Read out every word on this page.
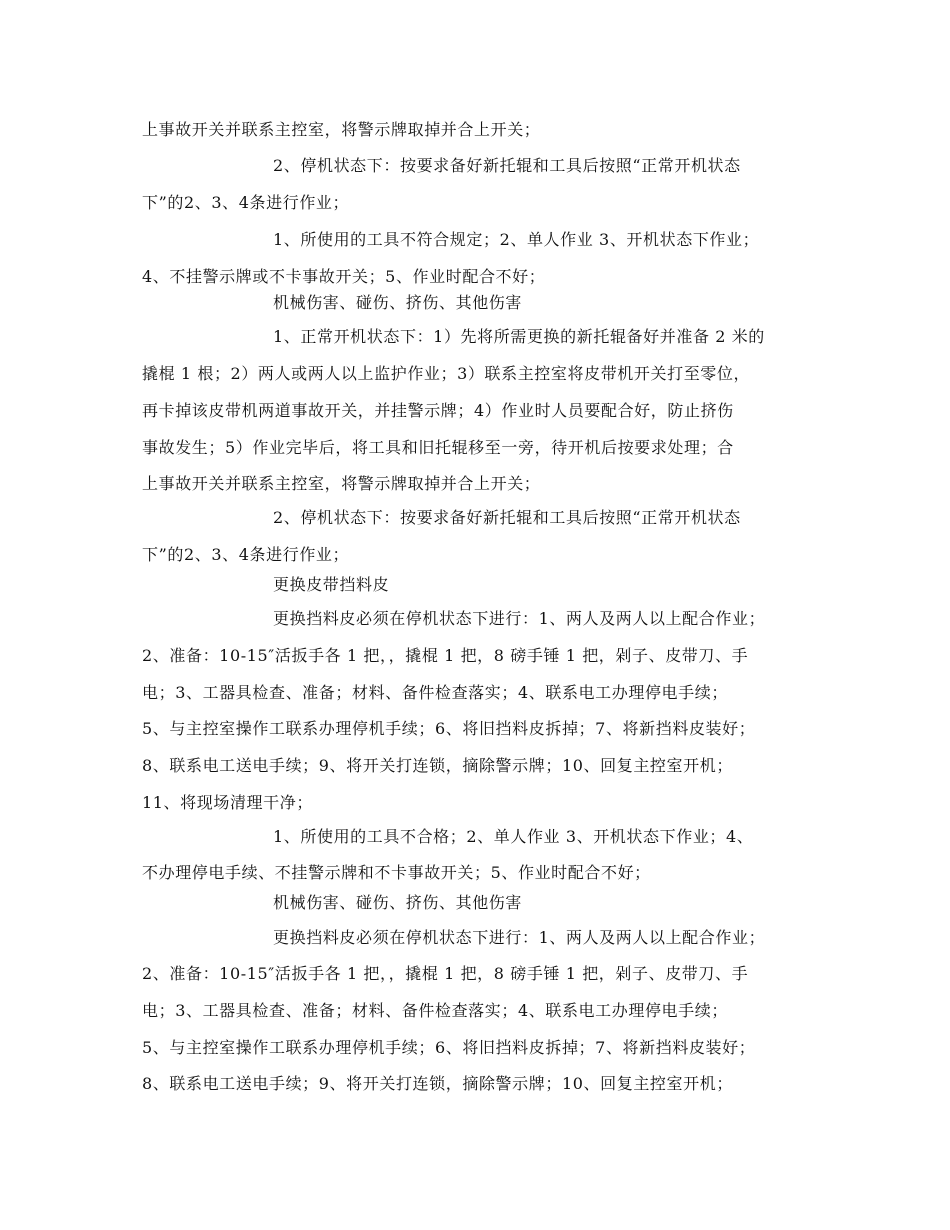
上事故开关并联系主控室，将警示牌取掉并合上开关；
2、停机状态下：按要求备好新托辊和工具后按照“正常开机状态
下”的2、3、4条进行作业；
1、所使用的工具不符合规定；2、单人作业 3、开机状态下作业；
4、不挂警示牌或不卡事故开关；5、作业时配合不好；
机械伤害、碰伤、挤伤、其他伤害
1、正常开机状态下：1）先将所需更换的新托辊备好并准备 2 米的
撬棍 1 根；2）两人或两人以上监护作业；3）联系主控室将皮带机开关打至零位，
再卡掉该皮带机两道事故开关，并挂警示牌；4）作业时人员要配合好，防止挤伤
事故发生；5）作业完毕后，将工具和旧托辊移至一旁，待开机后按要求处理；合
上事故开关并联系主控室，将警示牌取掉并合上开关；
2、停机状态下：按要求备好新托辊和工具后按照“正常开机状态
下”的2、3、4条进行作业；
更换皮带挡料皮
更换挡料皮必须在停机状态下进行：1、两人及两人以上配合作业；
2、准备：10-15″活扳手各 1 把，，撬棍 1 把，8 磅手锤 1 把，剁子、皮带刀、手
电；3、工器具检查、准备；材料、备件检查落实；4、联系电工办理停电手续；
5、与主控室操作工联系办理停机手续；6、将旧挡料皮拆掉；7、将新挡料皮装好；
8、联系电工送电手续；9、将开关打连锁，摘除警示牌；10、回复主控室开机；
11、将现场清理干净；
1、所使用的工具不合格；2、单人作业 3、开机状态下作业；4、
不办理停电手续、不挂警示牌和不卡事故开关；5、作业时配合不好；
机械伤害、碰伤、挤伤、其他伤害
更换挡料皮必须在停机状态下进行：1、两人及两人以上配合作业；
2、准备：10-15″活扳手各 1 把，，撬棍 1 把，8 磅手锤 1 把，剁子、皮带刀、手
电；3、工器具检查、准备；材料、备件检查落实；4、联系电工办理停电手续；
5、与主控室操作工联系办理停机手续；6、将旧挡料皮拆掉；7、将新挡料皮装好；
8、联系电工送电手续；9、将开关打连锁，摘除警示牌；10、回复主控室开机；
